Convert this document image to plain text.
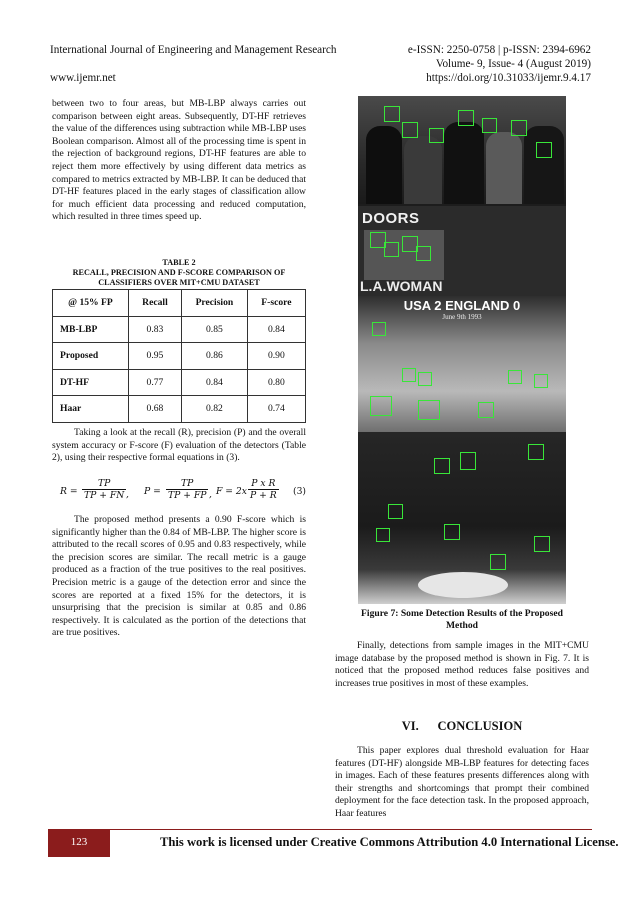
International Journal of Engineering and Management Research	e-ISSN: 2250-0758 | p-ISSN: 2394-6962
Volume- 9, Issue- 4 (August 2019)
www.ijemr.net	https://doi.org/10.31033/ijemr.9.4.17

between two to four areas, but MB-LBP always carries out comparison between eight areas. Subsequently, DT-HF retrieves the value of the differences using subtraction while MB-LBP uses Boolean comparison. Almost all of the processing time is spent in the rejection of background regions, DT-HF features are able to reject them more effectively by using different data metrics as compared to metrics extracted by MB-LBP. It can be deduced that DT-HF features placed in the early stages of classification allow for much efficient data processing and reduced computation, which resulted in three times speed up.

TABLE 2
RECALL, PRECISION AND F-SCORE COMPARISON OF CLASSIFIERS OVER MIT+CMU DATASET
@ 15% FP	Recall	Precision	F-score
MB-LBP	0.83	0.85	0.84
Proposed	0.95	0.86	0.90
DT-HF	0.77	0.84	0.80
Haar	0.68	0.82	0.74

Taking a look at the recall (R), precision (P) and the overall system accuracy or F-score (F) evaluation of the detectors (Table 2), using their respective formal equations in (3).

$R = \frac{TP}{TP + FN}$ , $P = \frac{TP}{TP + FP}$ , $F = 2x \frac{\text{P x R}}{P + R} (3)$

The proposed method presents a 0.90 F-score which is significantly higher than the 0.84 of MB-LBP. The higher score is attributed to the recall scores of 0.95 and 0.83 respectively, while the precision scores are similar. The recall metric is a gauge produced as a fraction of the true positives to the real positives. Precision metric is a gauge of the detection error and since the scores are reported at a fixed 15% for the detectors, it is unsurprising that the precision is similar at 0.85 and 0.86 respectively. It is calculated as the portion of the detections that are true positives.

DOORS
L.A.WOMAN
USA 2 ENGLAND 0
June 9th 1993
Figure 7: Some Detection Results of the Proposed Method

Finally, detections from sample images in the MIT+CMU image database by the proposed method is shown in Fig. 7. It is noticed that the proposed method reduces false positives and increases true positives in most of these examples.

VI.      CONCLUSION

This paper explores dual threshold evaluation for Haar features (DT-HF) alongside MB-LBP features for detecting faces in images. Each of these features presents differences along with their strengths and shortcomings that prompt their combined deployment for the face detection task. In the proposed approach, Haar features

123	This work is licensed under Creative Commons Attribution 4.0 International License.
